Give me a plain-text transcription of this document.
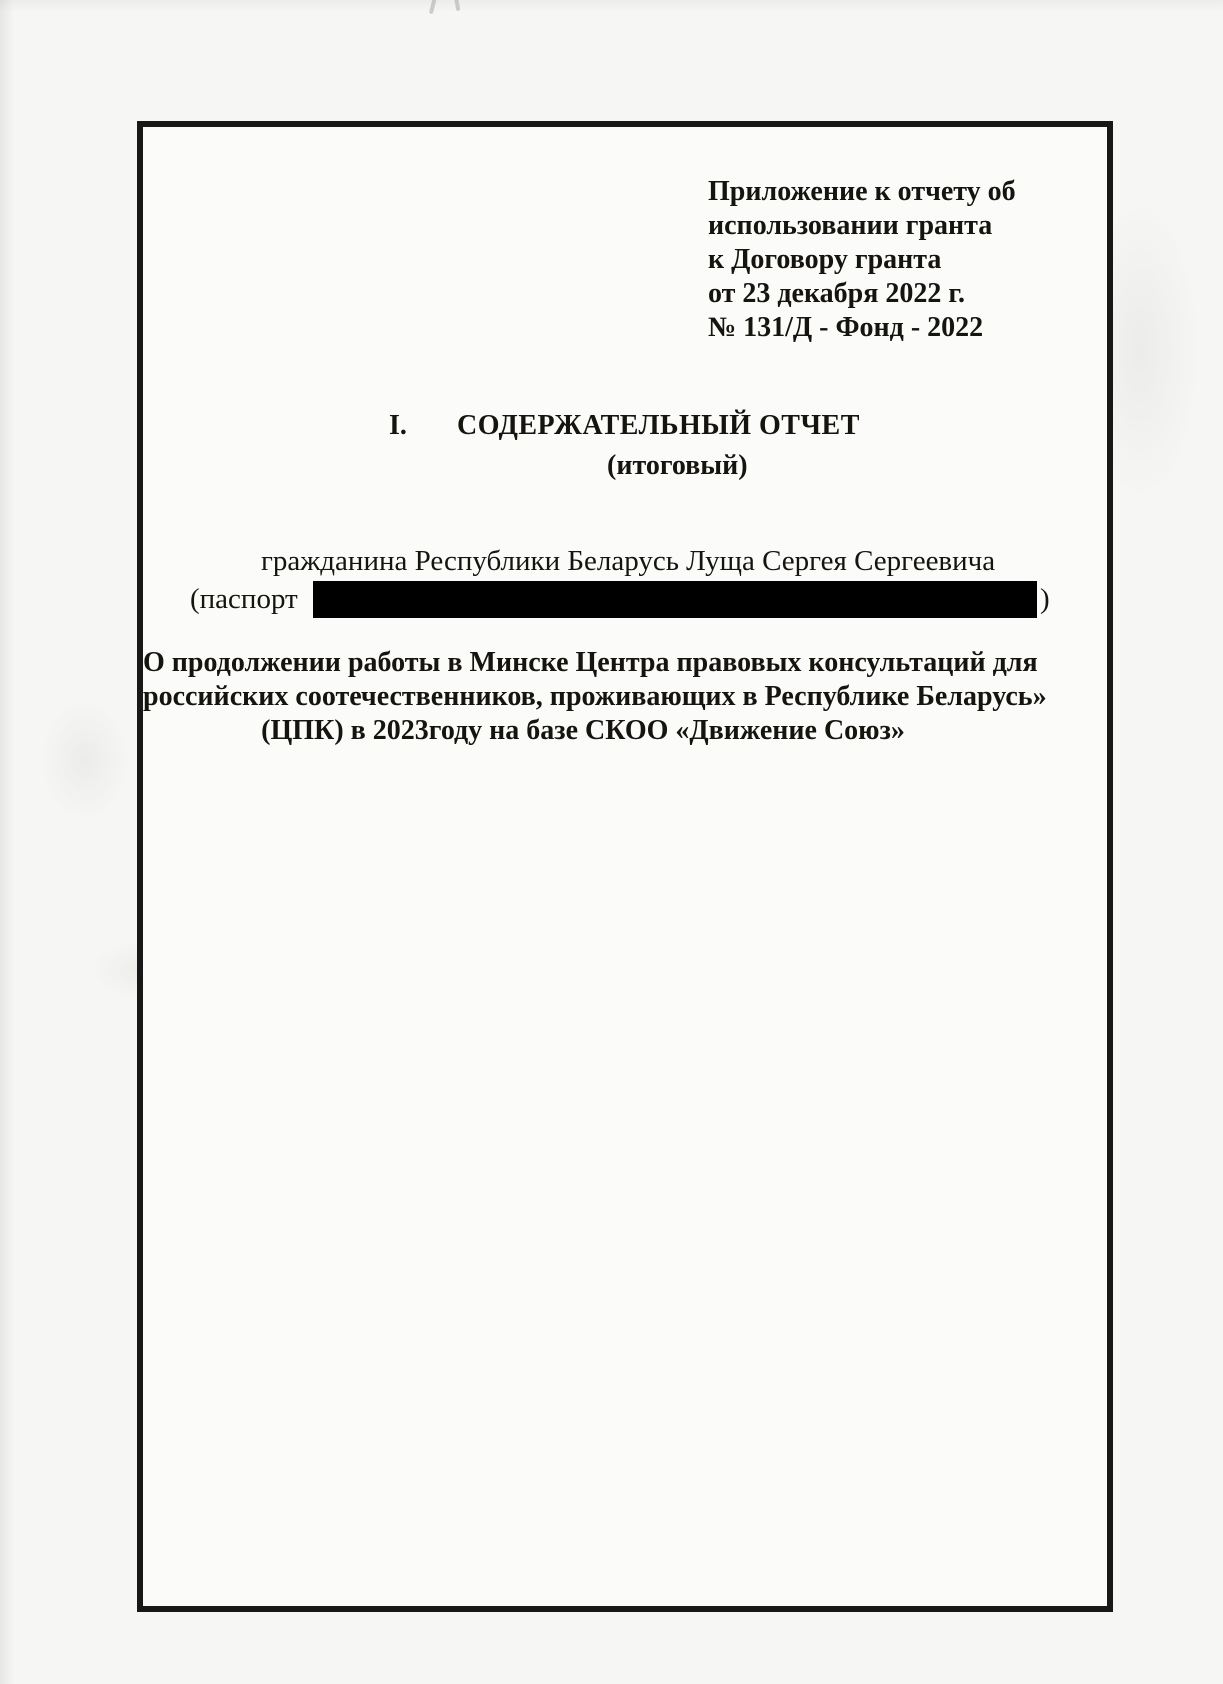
Приложение к отчету об
использовании гранта
к Договору гранта
от 23 декабря 2022 г.
№ 131/Д - Фонд - 2022
I. СОДЕРЖАТЕЛЬНЫЙ ОТЧЕТ
(итоговый)
гражданина Республики Беларусь Луща Сергея Сергеевича
(паспорт	)
О продолжении работы в Минске Центра правовых консультаций для
российских соотечественников, проживающих в Республике Беларусь»
(ЦПК) в 2023году на базе СКОО «Движение Союз»
